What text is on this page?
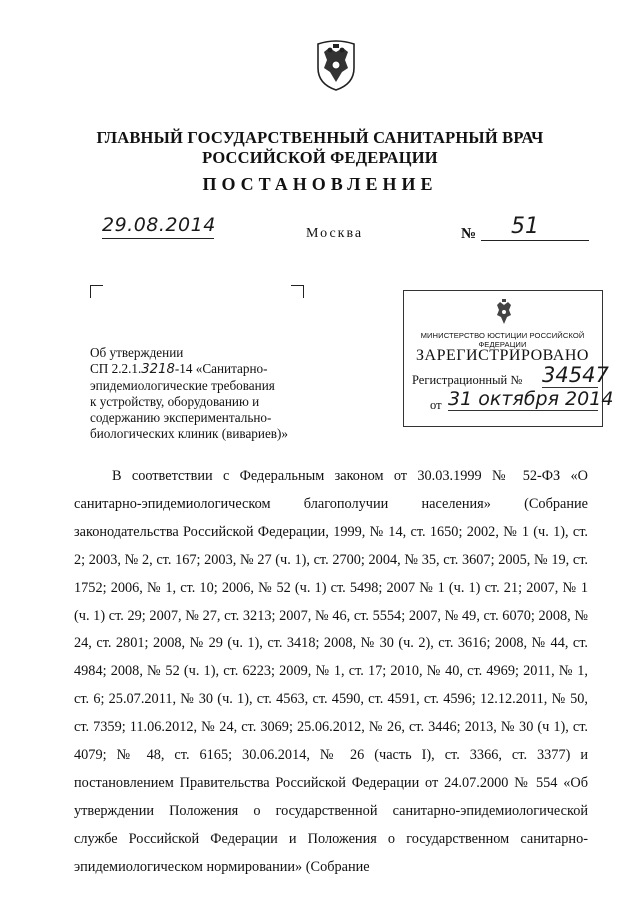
ГЛАВНЫЙ ГОСУДАРСТВЕННЫЙ САНИТАРНЫЙ ВРАЧ
РОССИЙСКОЙ ФЕДЕРАЦИИ
ПОСТАНОВЛЕНИЕ
29.08.2014	Москва	№	51
Об утверждении
СП 2.2.1.3218-14 «Санитарно-
эпидемиологические требования
к устройству, оборудованию и
содержанию экспериментально-
биологических клиник (вивариев)»
МИНИСТЕРСТВО ЮСТИЦИИ РОССИЙСКОЙ ФЕДЕРАЦИИ
ЗАРЕГИСТРИРОВАНО
Регистрационный № 34547
от 31 октября 2014
В соответствии с Федеральным законом от 30.03.1999 № 52-ФЗ «О санитарно-эпидемиологическом благополучии населения» (Собрание законодательства Российской Федерации, 1999, № 14, ст. 1650; 2002, № 1 (ч. 1), ст. 2; 2003, № 2, ст. 167; 2003, № 27 (ч. 1), ст. 2700; 2004, № 35, ст. 3607; 2005, № 19, ст. 1752; 2006, № 1, ст. 10; 2006, № 52 (ч. 1) ст. 5498; 2007 № 1 (ч. 1) ст. 21; 2007, № 1 (ч. 1) ст. 29; 2007, № 27, ст. 3213; 2007, № 46, ст. 5554; 2007, № 49, ст. 6070; 2008, № 24, ст. 2801; 2008, № 29 (ч. 1), ст. 3418; 2008, № 30 (ч. 2), ст. 3616; 2008, № 44, ст. 4984; 2008, № 52 (ч. 1), ст. 6223; 2009, № 1, ст. 17; 2010, № 40, ст. 4969; 2011, № 1, ст. 6; 25.07.2011, № 30 (ч. 1), ст. 4563, ст. 4590, ст. 4591, ст. 4596; 12.12.2011, № 50, ст. 7359; 11.06.2012, № 24, ст. 3069; 25.06.2012, № 26, ст. 3446; 2013, № 30 (ч 1), ст. 4079; № 48, ст. 6165; 30.06.2014, № 26 (часть I), ст. 3366, ст. 3377) и постановлением Правительства Российской Федерации от 24.07.2000 № 554 «Об утверждении Положения о государственной санитарно-эпидемиологической службе Российской Федерации и Положения о государственном санитарно-эпидемиологическом нормировании» (Собрание
